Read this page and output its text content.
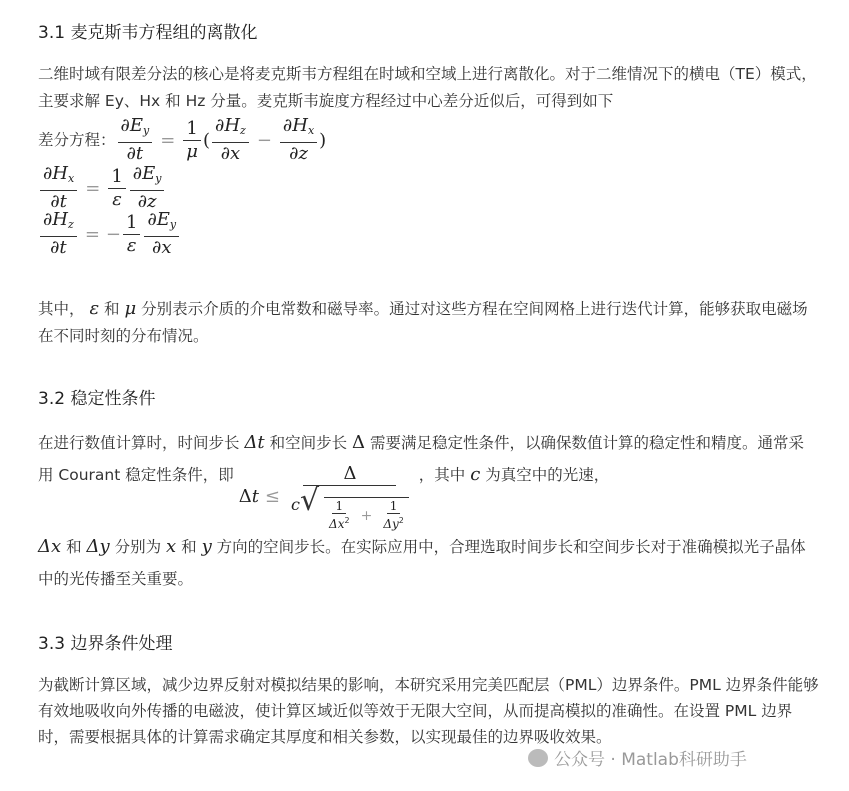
3.1 麦克斯韦方程组的离散化

二维时域有限差分法的核心是将麦克斯韦方程组在时域和空域上进行离散化。对于二维情况下的横电（TE）模式，主要求解 Ey、Hx 和 Hz 分量。麦克斯韦旋度方程经过中心差分近似后，可得到如下

差分方程： $\frac{\partial E_y}{\partial t} = \frac{1}{\mu}$ ( $\frac{\partial H_z}{\partial x} - \frac{\partial H_x}{\partial z}$ )

$\frac{\partial H_x}{\partial t} = \frac{1}{\varepsilon} \frac{\partial E_y}{\partial z}$
$\frac{\partial H_z}{\partial t}$ = − $\frac{1}{\varepsilon} \frac{\partial E_y}{\partial x}$

其中， ε 和 μ 分别表示介质的介电常数和磁导率。通过对这些方程在空间网格上进行迭代计算，能够获取电磁场在不同时刻的分布情况。

3.2 稳定性条件

在进行数值计算时，时间步长 Δt 和空间步长 Δ 需要满足稳定性条件，以确保数值计算的稳定性和精度。通常采用 Courant 稳定性条件，即
Δ t ≤
Δ
$c√ \frac{1}{\Delta x^2} + \frac{1}{\Delta y^2}$
，其中 c 为真空中的光速，
Δx 和 Δy 分别为 x 和 y 方向的空间步长。在实际应用中，合理选取时间步长和空间步长对于准确模拟光子晶体中的光传播至关重要。

3.3 边界条件处理

为截断计算区域，减少边界反射对模拟结果的影响，本研究采用完美匹配层（PML）边界条件。PML 边界条件能够有效地吸收向外传播的电磁波，使计算区域近似等效于无限大空间，从而提高模拟的准确性。在设置 PML 边界时，需要根据具体的计算需求确定其厚度和相关参数，以实现最佳的边界吸收效果。

公众号 · Matlab科研助手
